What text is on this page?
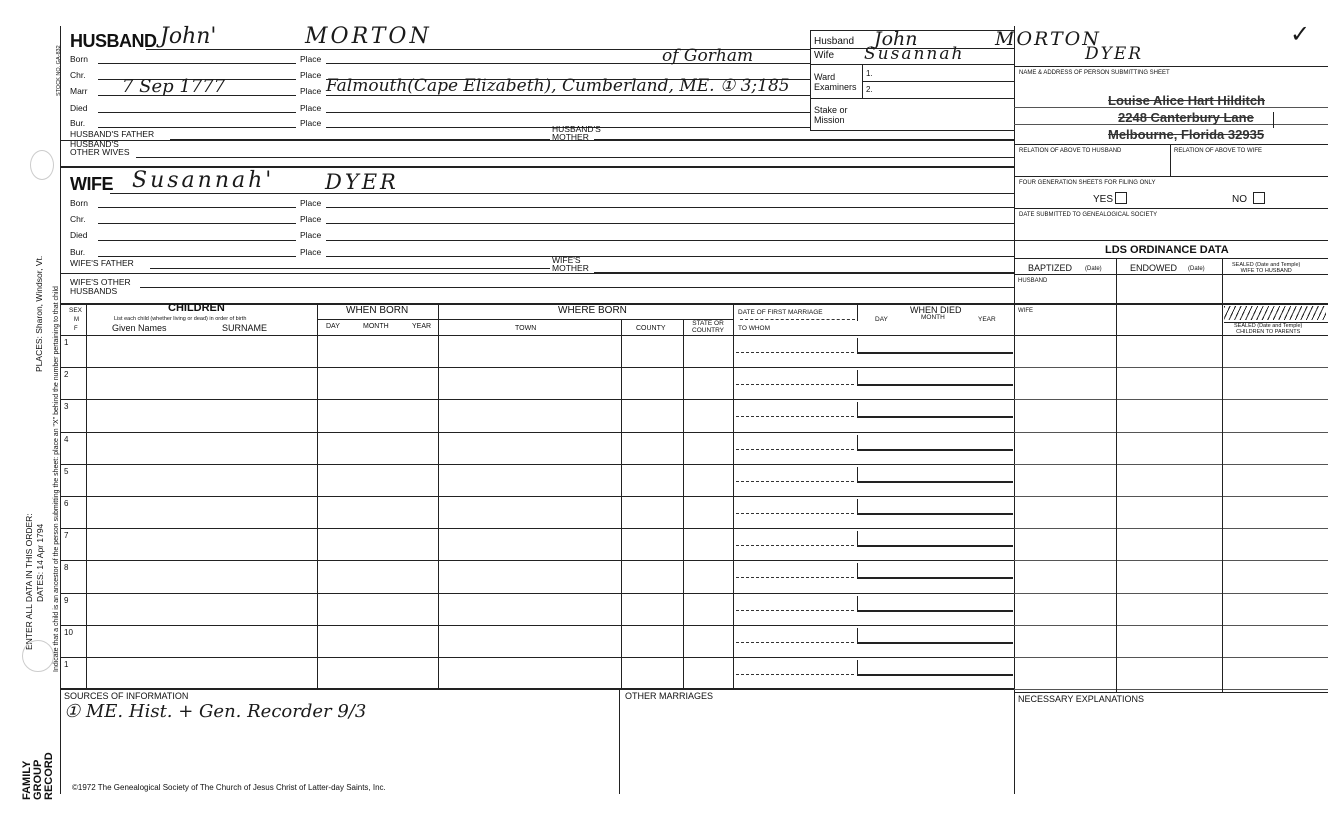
FAMILY
GROUP
RECORD
STOCK NO. GA-832
PLACES: Sharon, Windsor, Vt. Indicate that a child is an ancestor of the person submitting the sheet: place an "X" behind the number pertaining to that child
ENTER ALL DATA IN THIS ORDER: DATES: 14 Apr 1794
HUSBAND John'	MORTON
Born	Place	of Gorham
Chr.	Place
Marr 7 Sep 1777	Place Falmouth(Cape Elizabeth), Cumberland, ME. ① 3;185
Died	Place
Bur.	Place
HUSBAND'S FATHER	HUSBAND'S
MOTHER
HUSBAND'S
OTHER WIVES
WIFE Susannah' DYER
Born	Place
Chr.	Place
Died	Place
Bur.	Place
WIFE'S FATHER	WIFE'S
MOTHER
WIFE'S OTHER
HUSBANDS
SEX
M
F
CHILDREN
List each child (whether living or dead) in order of birth
Given Names	SURNAME
WHEN BORN
DAY	MONTH	YEAR
WHERE BORN
TOWN	COUNTY
STATE OR
COUNTRY
DATE OF FIRST MARRIAGE
TO WHOM
WHEN DIED
DAY	MONTH	YEAR
1
2
3
4
5
6
7
8
9
10
1
SOURCES OF INFORMATION
① ME. Hist. + Gen. Recorder 9/3
OTHER MARRIAGES	NECESSARY EXPLANATIONS
©1972 The Genealogical Society of The Church of Jesus Christ of Latter-day Saints, Inc.
Husband John	MORTON
Wife Susannah	DYER
Ward
Examiners
1.
2.
Stake or
Mission
✓
NAME & ADDRESS OF PERSON SUBMITTING SHEET
Louise Alice Hart Hilditch
2248 Canterbury Lane
Melbourne, Florida 32935
RELATION OF ABOVE TO HUSBAND	RELATION OF ABOVE TO WIFE
FOUR GENERATION SHEETS FOR FILING ONLY
YES	NO
DATE SUBMITTED TO GENEALOGICAL SOCIETY
LDS ORDINANCE DATA
BAPTIZED (Date)	ENDOWED (Date)
SEALED (Date and Temple)
WIFE TO HUSBAND
HUSBAND
WIFE
SEALED (Date and Temple)
CHILDREN TO PARENTS
